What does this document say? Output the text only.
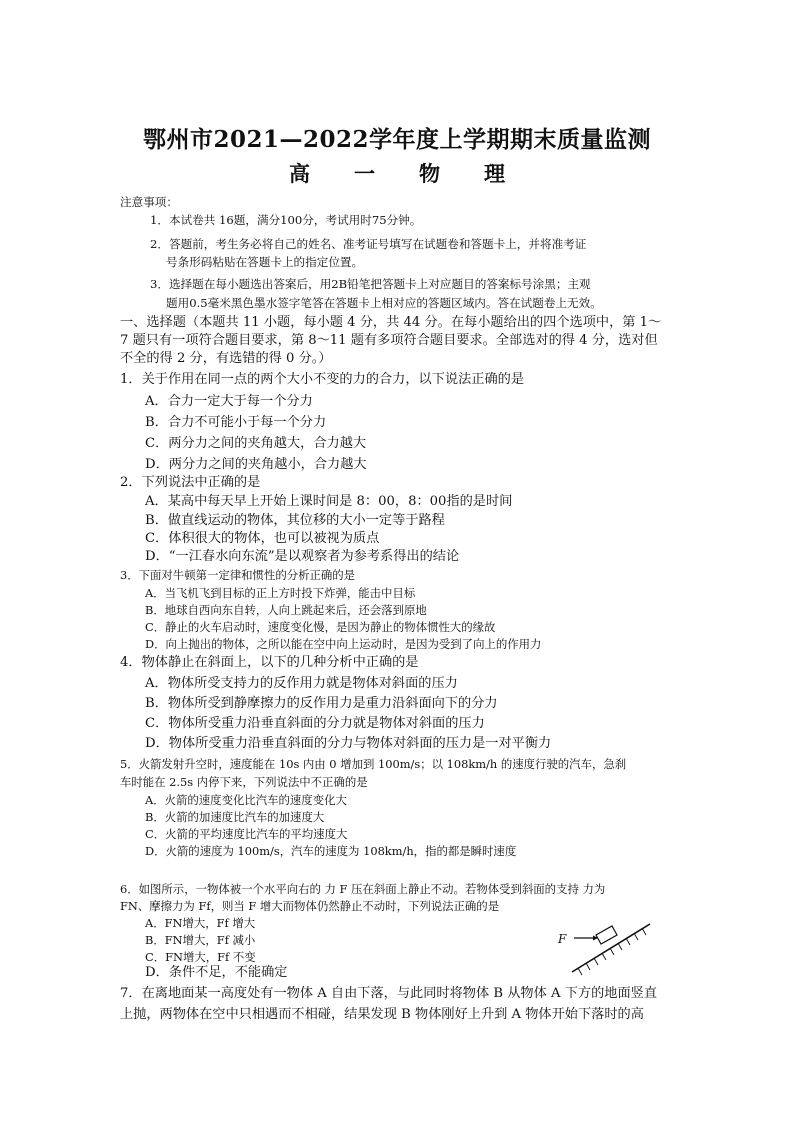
鄂州市2021—2022学年度上学期期末质量监测
高 一 物 理
注意事项：
1．本试卷共 16题，满分100分，考试用时75分钟。
2．答题前，考生务必将自己的姓名、准考证号填写在试题卷和答题卡上，并将准考证
号条形码粘贴在答题卡上的指定位置。
3．选择题在每小题选出答案后，用2B铅笔把答题卡上对应题目的答案标号涂黑；主观
题用0.5毫米黑色墨水签字笔答在答题卡上相对应的答题区域内。答在试题卷上无效。
一、选择题（本题共 11 小题，每小题 4 分，共 44 分。在每小题给出的四个选项中，第 1～
7 题只有一项符合题目要求，第 8～11 题有多项符合题目要求。全部选对的得 4 分，选对但
不全的得 2 分，有选错的得 0 分。）
1．关于作用在同一点的两个大小不变的力的合力，以下说法正确的是
A．合力一定大于每一个分力
B．合力不可能小于每一个分力
C．两分力之间的夹角越大，合力越大
D．两分力之间的夹角越小，合力越大
2．下列说法中正确的是
A．某高中每天早上开始上课时间是 8：00，8：00指的是时间
B．做直线运动的物体，其位移的大小一定等于路程
C．体积很大的物体，也可以被视为质点
D．“一江春水向东流”是以观察者为参考系得出的结论
3．下面对牛顿第一定律和惯性的分析正确的是
A．当飞机飞到目标的正上方时投下炸弹，能击中目标
B．地球自西向东自转，人向上跳起来后，还会落到原地
C．静止的火车启动时，速度变化慢，是因为静止的物体惯性大的缘故
D．向上抛出的物体，之所以能在空中向上运动时，是因为受到了向上的作用力
4．物体静止在斜面上，以下的几种分析中正确的是
A．物体所受支持力的反作用力就是物体对斜面的压力
B．物体所受到静摩擦力的反作用力是重力沿斜面向下的分力
C．物体所受重力沿垂直斜面的分力就是物体对斜面的压力
D．物体所受重力沿垂直斜面的分力与物体对斜面的压力是一对平衡力
5．火箭发射升空时，速度能在 10s 内由 0 增加到 100m/s；以 108km/h 的速度行驶的汽车，急刹
车时能在 2.5s 内停下来，下列说法中不正确的是
A．火箭的速度变化比汽车的速度变化大
B．火箭的加速度比汽车的加速度大
C．火箭的平均速度比汽车的平均速度大
D．火箭的速度为 100m/s，汽车的速度为 108km/h，指的都是瞬时速度
6．如图所示，一物体被一个水平向右的 力 F 压在斜面上静止不动。若物体受到斜面的支持 力为
FN、摩擦力为 Ff，则当 F 增大而物体仍然静止不动时，下列说法正确的是
A．FN增大，Ff 增大
B．FN增大，Ff 减小
C．FN增大，Ff 不变
D．条件不足，不能确定
F
7．在离地面某一高度处有一物体 A 自由下落，与此同时将物体 B 从物体 A 下方的地面竖直
上抛，两物体在空中只相遇而不相碰，结果发现 B 物体刚好上升到 A 物体开始下落时的高
